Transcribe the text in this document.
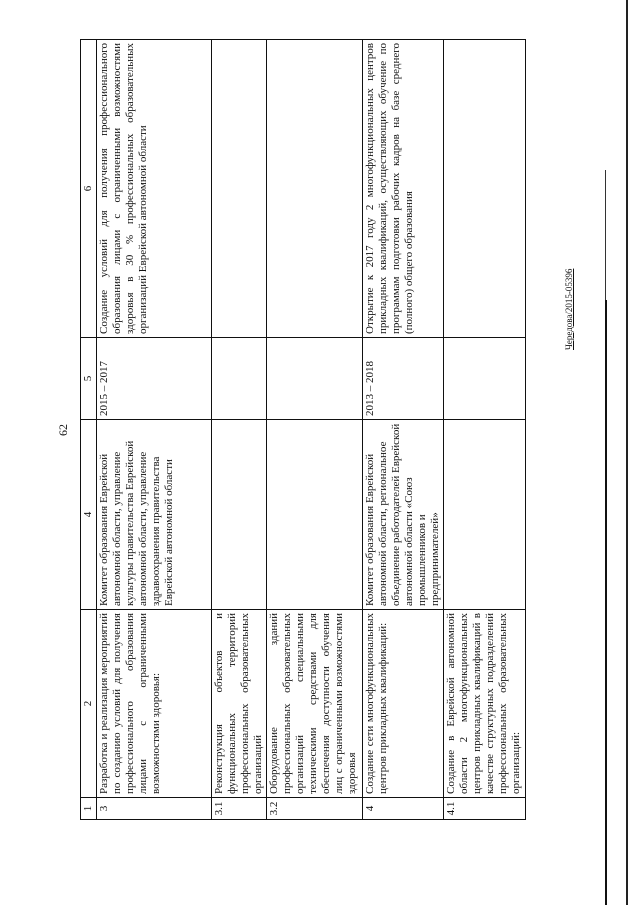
62
1	2	4	5	6
3	Разработка и реализация мероприятий по созданию условий для получения профессионального образования лицами с ограниченными возможностями здоровья:	Комитет образования Еврейской автономной области, управление культуры правительства Еврейской автономной области, управление здравоохранения правительства Еврейской автономной области	2015 – 2017	Создание условий для получения профессионального образования лицами с ограниченными возможностями здоровья в 30 % профессиональных образовательных организаций Еврейской автономной области
3.1	Реконструкция объектов и функциональных территорий профессиональных образовательных организаций			
3.2	Оборудование зданий профессиональных образовательных организаций специальными техническими средствами для обеспечения доступности обучения лиц с ограниченными возможностями здоровья			
4	Создание сети многофункциональных центров прикладных квалификаций:	Комитет образования Еврейской автономной области, региональное объединение работодателей Еврейской автономной области «Союз промышленников и предпринимателей»	2013 – 2018	Открытие к 2017 году 2 многофункциональных центров прикладных квалификаций, осуществляющих обучение по программам подготовки рабочих кадров на базе среднего (полного) общего образования
4.1	Создание в Еврейской автономной области 2 многофункциональных центров прикладных квалификаций в качестве структурных подразделений профессиональных образовательных организаций:			
Чередова/2015-05396
